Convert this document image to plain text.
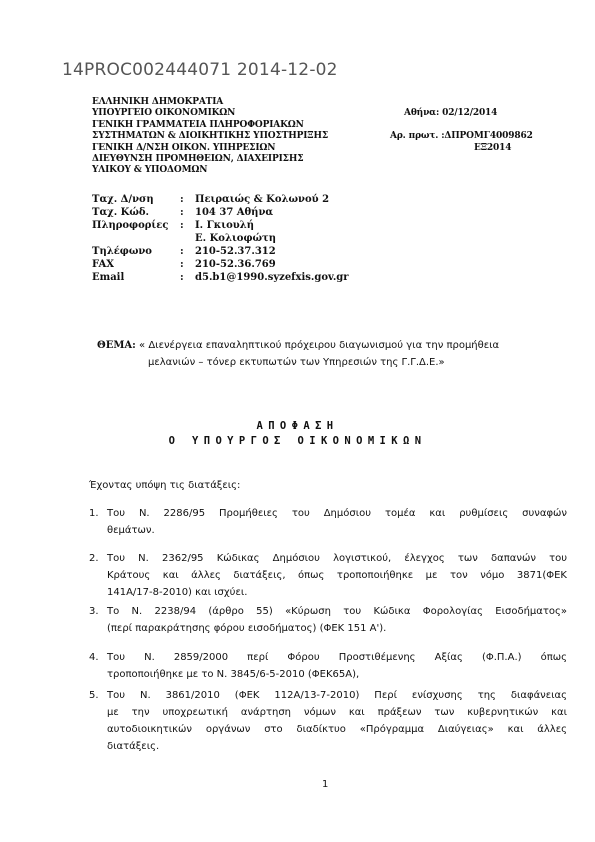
14PROC002444071 2014-12-02
ΕΛΛΗΝΙΚΗ ΔΗΜΟΚΡΑΤΙΑ
ΥΠΟΥΡΓΕΙΟ ΟΙΚΟΝΟΜΙΚΩΝ
ΓΕΝΙΚΗ ΓΡΑΜΜΑΤΕΙΑ ΠΛΗΡΟΦΟΡΙΑΚΩΝ
ΣΥΣΤΗΜΑΤΩΝ & ΔΙΟΙΚΗΤΙΚΗΣ ΥΠΟΣΤΗΡΙΞΗΣ
ΓΕΝΙΚΗ Δ/ΝΣΗ ΟΙΚΟΝ. ΥΠΗΡΕΣΙΩΝ
ΔΙΕΥΘΥΝΣΗ ΠΡΟΜΗΘΕΙΩΝ, ΔΙΑΧΕΙΡΙΣΗΣ
ΥΛΙΚΟΥ & ΥΠΟΔΟΜΩΝ
Αθήνα: 02/12/2014
Αρ. πρωτ. :ΔΠΡΟΜΓ4009862
ΕΞ2014
Ταχ. Δ/νση	: Πειραιώς & Κολωνού 2
Ταχ. Κώδ.	: 104 37 Αθήνα
Πληροφορίες : Ι. Γκιουλή
Ε. Κολιοφώτη
Τηλέφωνο	: 210-52.37.312
FAX	: 210-52.36.769
Email	: d5.b1@1990.syzefxis.gov.gr
ΘΕΜΑ: « Διενέργεια επαναληπτικού πρόχειρου διαγωνισμού για την προμήθεια
μελανιών – τόνερ εκτυπωτών των Υπηρεσιών της Γ.Γ.Δ.Ε.»
ΑΠΟΦΑΣΗ
Ο ΥΠΟΥΡΓΟΣ ΟΙΚΟΝΟΜΙΚΩΝ
Έχοντας υπόψη τις διατάξεις:
1. Του Ν. 2286/95 Προμήθειες του Δημόσιου τομέα και ρυθμίσεις συναφών
θεμάτων.
2. Του Ν. 2362/95 Κώδικας Δημόσιου λογιστικού, έλεγχος των δαπανών του
Κράτους και άλλες διατάξεις, όπως τροποποιήθηκε με τον νόμο 3871(ΦΕΚ
141Α/17-8-2010) και ισχύει.
3. Το Ν. 2238/94 (άρθρο 55) «Κύρωση του Κώδικα Φορολογίας Εισοδήματος»
(περί παρακράτησης φόρου εισοδήματος) (ΦΕΚ 151 Α').
4. Του Ν. 2859/2000 περί Φόρου Προστιθέμενης Αξίας (Φ.Π.Α.) όπως
τροποποιήθηκε με το Ν. 3845/6-5-2010 (ΦΕΚ65Α),
5. Του Ν. 3861/2010 (ΦΕΚ 112Α/13-7-2010) Περί ενίσχυσης της διαφάνειας
με την υποχρεωτική ανάρτηση νόμων και πράξεων των κυβερνητικών και
αυτοδιοικητικών οργάνων στο διαδίκτυο «Πρόγραμμα Διαύγειας» και άλλες
διατάξεις.
1
